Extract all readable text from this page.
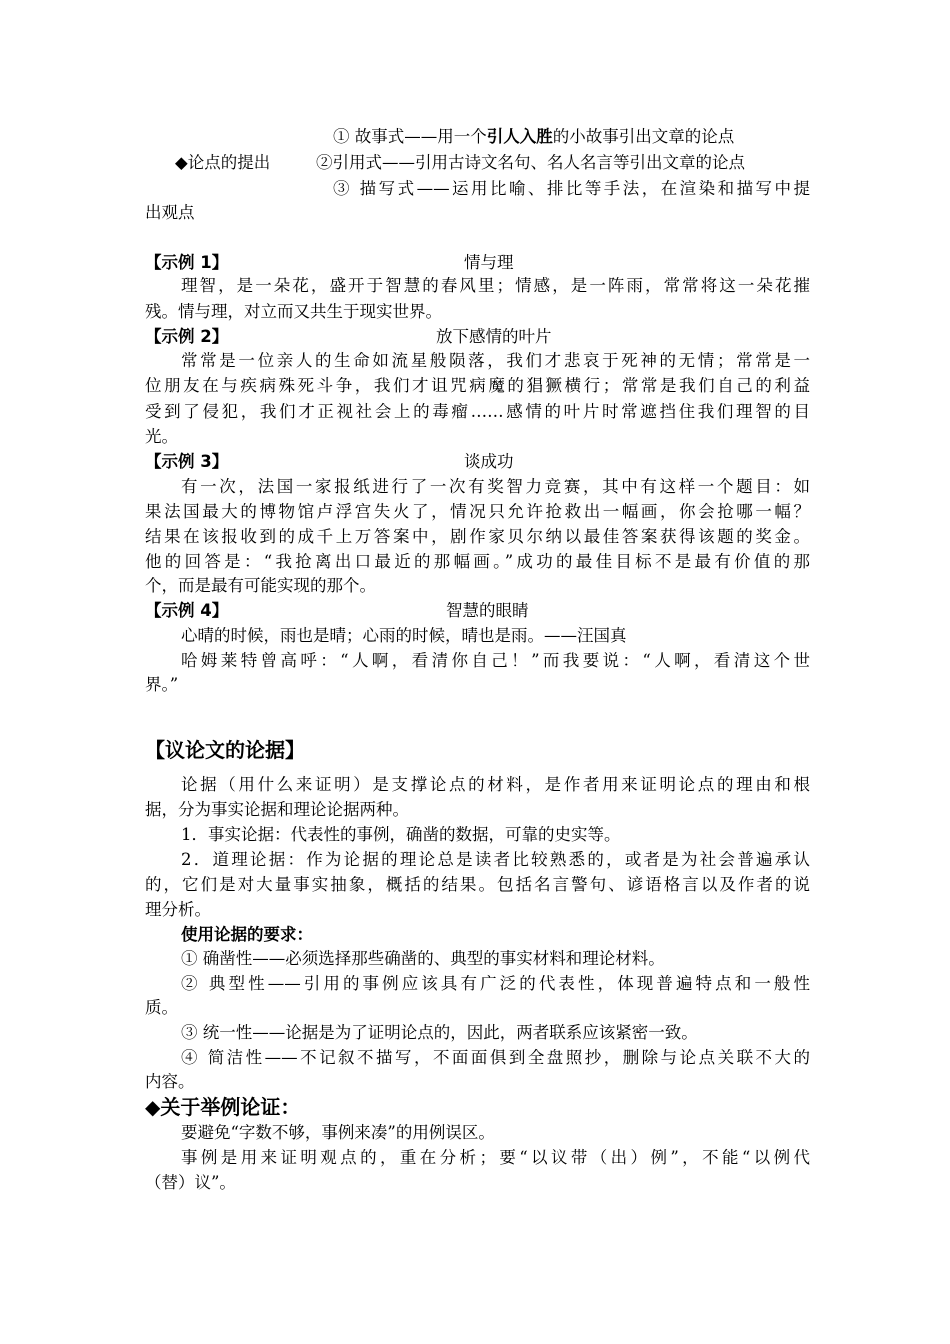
① 故事式——用一个引人入胜的小故事引出文章的论点
◆论点的提出	②引用式——引用古诗文名句、名人名言等引出文章的论点
③ 描写式——运用比喻、排比等手法，在渲染和描写中提
出观点
【示例 1】	情与理
理智，是一朵花，盛开于智慧的春风里；情感，是一阵雨，常常将这一朵花摧
残。情与理，对立而又共生于现实世界。
【示例 2】	放下感情的叶片
常常是一位亲人的生命如流星般陨落，我们才悲哀于死神的无情；常常是一
位朋友在与疾病殊死斗争，我们才诅咒病魔的猖獗横行；常常是我们自己的利益
受到了侵犯，我们才正视社会上的毒瘤……感情的叶片时常遮挡住我们理智的目
光。
【示例 3】	谈成功
有一次，法国一家报纸进行了一次有奖智力竞赛，其中有这样一个题目：如
果法国最大的博物馆卢浮宫失火了，情况只允许抢救出一幅画，你会抢哪一幅？
结果在该报收到的成千上万答案中，剧作家贝尔纳以最佳答案获得该题的奖金。
他的回答是：“我抢离出口最近的那幅画。”成功的最佳目标不是最有价值的那
个，而是最有可能实现的那个。
【示例 4】	智慧的眼睛
心晴的时候，雨也是晴；心雨的时候，晴也是雨。——汪国真
哈姆莱特曾高呼：“人啊，看清你自己！”而我要说：“人啊，看清这个世
界。”
【议论文的论据】
论据（用什么来证明）是支撑论点的材料，是作者用来证明论点的理由和根
据，分为事实论据和理论论据两种。
1．事实论据：代表性的事例，确凿的数据，可靠的史实等。
2．道理论据：作为论据的理论总是读者比较熟悉的，或者是为社会普遍承认
的，它们是对大量事实抽象，概括的结果。包括名言警句、谚语格言以及作者的说
理分析。
使用论据的要求：
① 确凿性——必须选择那些确凿的、典型的事实材料和理论材料。
② 典型性——引用的事例应该具有广泛的代表性，体现普遍特点和一般性
质。
③ 统一性——论据是为了证明论点的，因此，两者联系应该紧密一致。
④ 简洁性——不记叙不描写，不面面俱到全盘照抄，删除与论点关联不大的
内容。
◆关于举例论证：
要避免“字数不够，事例来凑”的用例误区。
事例是用来证明观点的，重在分析；要“以议带（出）例”，不能“以例代
（替）议”。
